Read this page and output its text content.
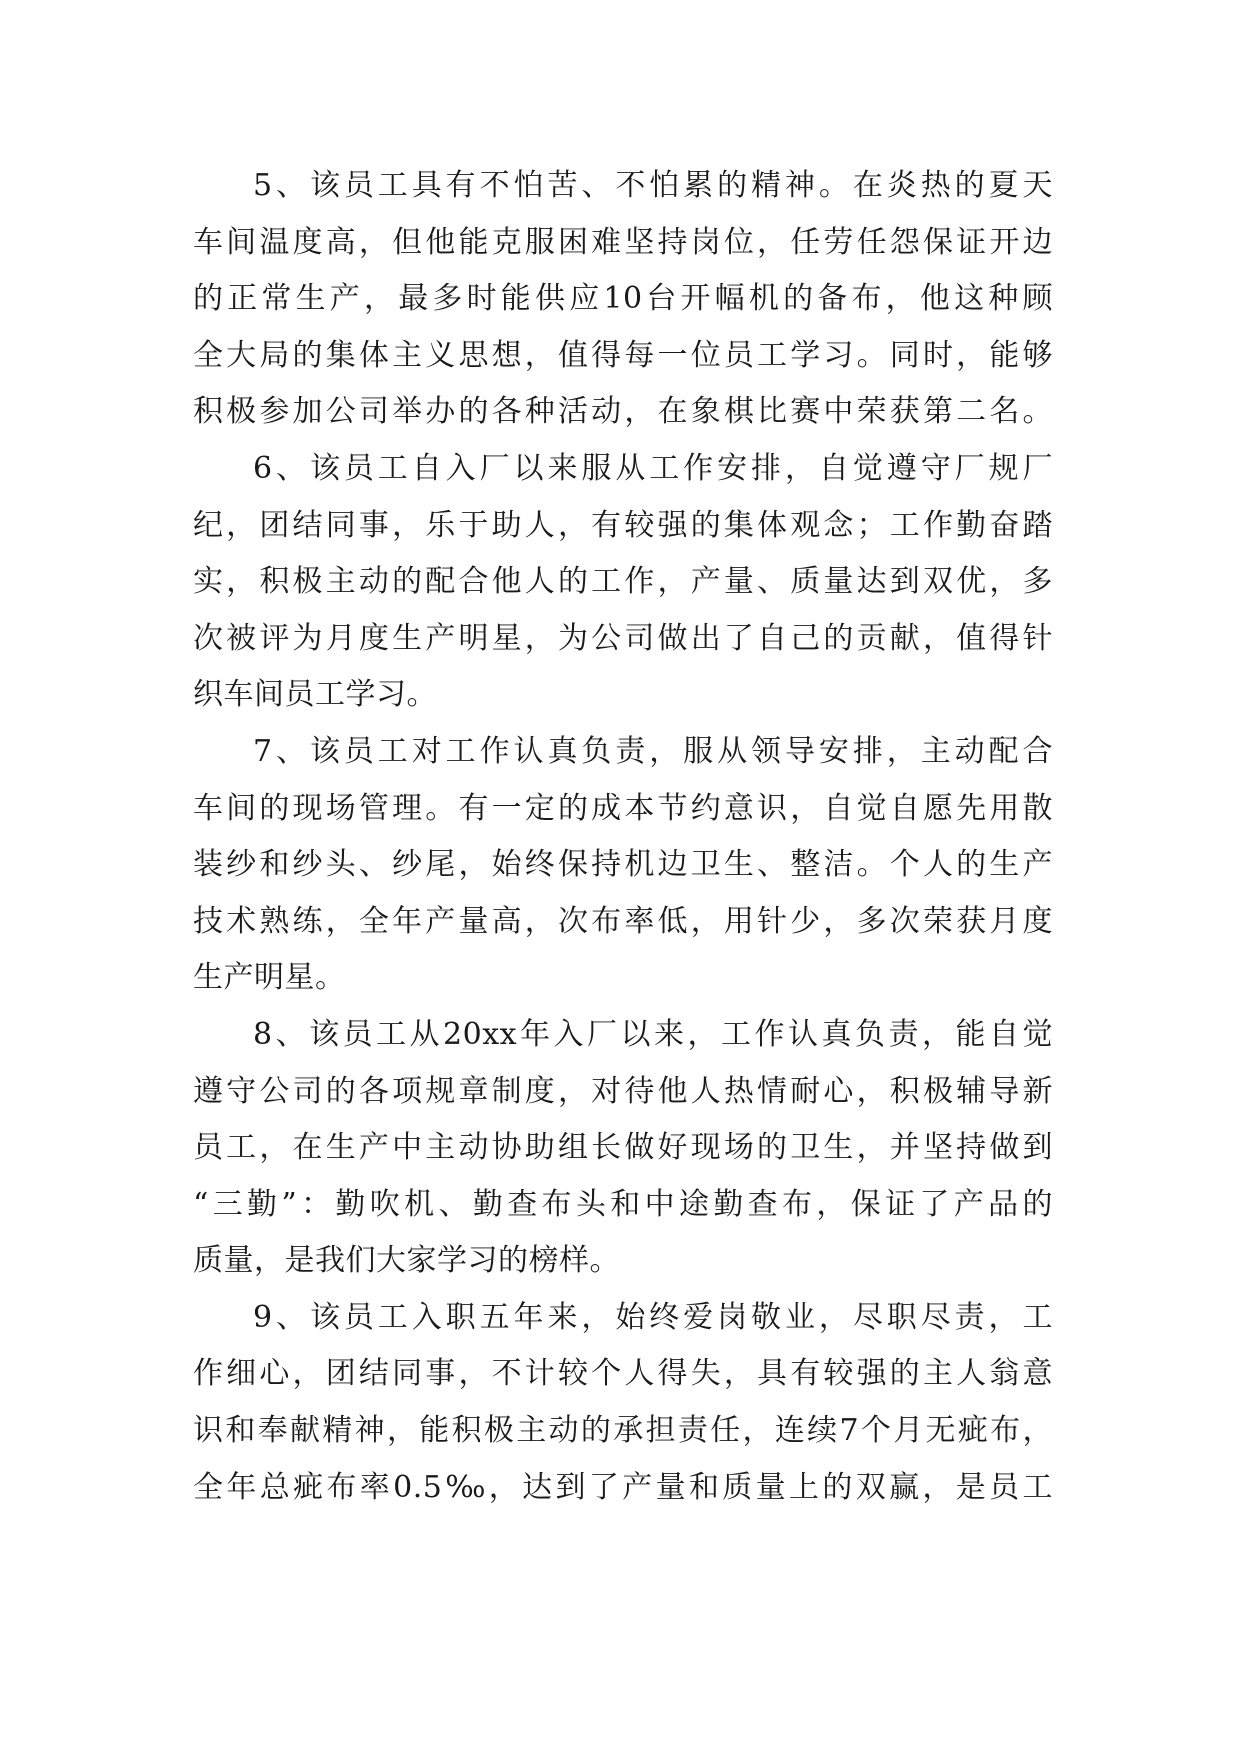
5、该员工具有不怕苦、不怕累的精神。在炎热的夏天
车间温度高，但他能克服困难坚持岗位，任劳任怨保证开边
的正常生产，最多时能供应10台开幅机的备布，他这种顾
全大局的集体主义思想，值得每一位员工学习。同时，能够
积极参加公司举办的各种活动，在象棋比赛中荣获第二名。
6、该员工自入厂以来服从工作安排，自觉遵守厂规厂
纪，团结同事，乐于助人，有较强的集体观念；工作勤奋踏
实，积极主动的配合他人的工作，产量、质量达到双优，多
次被评为月度生产明星，为公司做出了自己的贡献，值得针
织车间员工学习。
7、该员工对工作认真负责，服从领导安排，主动配合
车间的现场管理。有一定的成本节约意识，自觉自愿先用散
装纱和纱头、纱尾，始终保持机边卫生、整洁。个人的生产
技术熟练，全年产量高，次布率低，用针少，多次荣获月度
生产明星。
8、该员工从20xx年入厂以来，工作认真负责，能自觉
遵守公司的各项规章制度，对待他人热情耐心，积极辅导新
员工，在生产中主动协助组长做好现场的卫生，并坚持做到
“三勤”：勤吹机、勤查布头和中途勤查布，保证了产品的
质量，是我们大家学习的榜样。
9、该员工入职五年来，始终爱岗敬业，尽职尽责，工
作细心，团结同事，不计较个人得失，具有较强的主人翁意
识和奉献精神，能积极主动的承担责任，连续7个月无疵布，
全年总疵布率0.5‰，达到了产量和质量上的双赢，是员工
